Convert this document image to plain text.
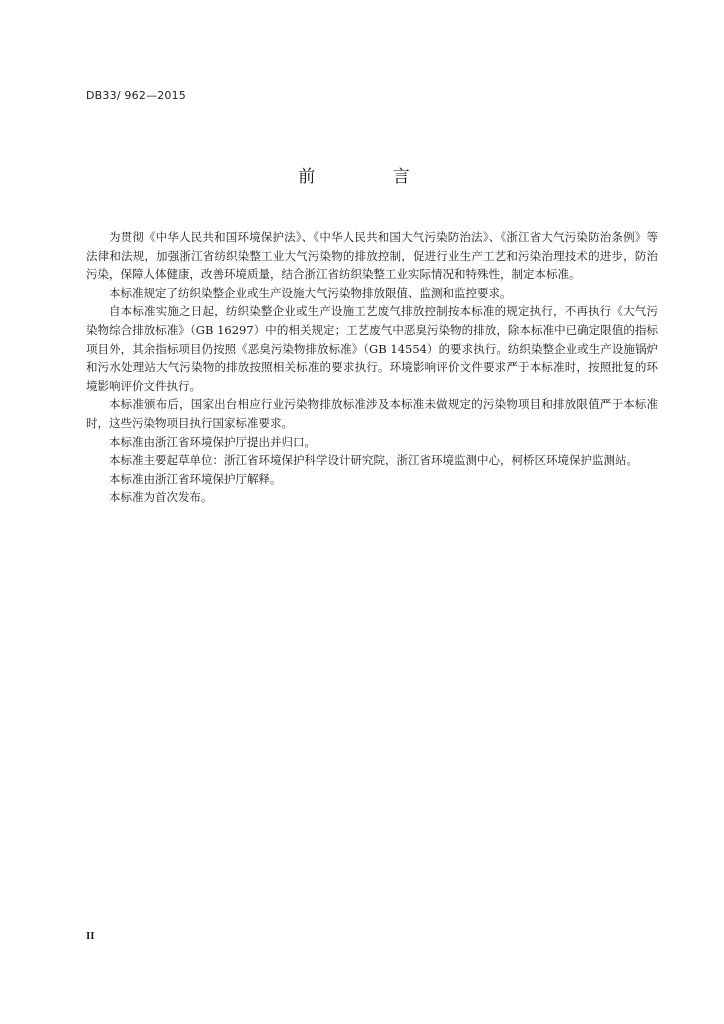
DB33/ 962—2015
前 言

为贯彻《中华人民共和国环境保护法》、《中华人民共和国大气污染防治法》、《浙江省大气污染防治条例》等法律和法规，加强浙江省纺织染整工业大气污染物的排放控制，促进行业生产工艺和污染治理技术的进步，防治污染，保障人体健康，改善环境质量，结合浙江省纺织染整工业实际情况和特殊性，制定本标准。

本标准规定了纺织染整企业或生产设施大气污染物排放限值、监测和监控要求。

自本标准实施之日起，纺织染整企业或生产设施工艺废气排放控制按本标准的规定执行，不再执行《大气污染物综合排放标准》（GB 16297）中的相关规定；工艺废气中恶臭污染物的排放，除本标准中已确定限值的指标项目外，其余指标项目仍按照《恶臭污染物排放标准》（GB 14554）的要求执行。纺织染整企业或生产设施锅炉和污水处理站大气污染物的排放按照相关标准的要求执行。环境影响评价文件要求严于本标准时，按照批复的环境影响评价文件执行。

本标准颁布后，国家出台相应行业污染物排放标准涉及本标准未做规定的污染物项目和排放限值严于本标准时，这些污染物项目执行国家标准要求。

本标准由浙江省环境保护厅提出并归口。

本标准主要起草单位：浙江省环境保护科学设计研究院，浙江省环境监测中心，柯桥区环境保护监测站。

本标准由浙江省环境保护厅解释。

本标准为首次发布。

II
